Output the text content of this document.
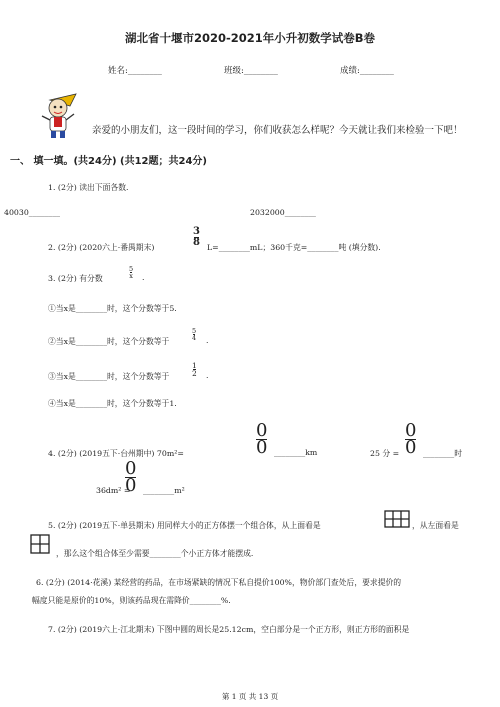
湖北省十堰市2020-2021年小升初数学试卷B卷
姓名:________	班级:________	成绩:________
亲爱的小朋友们，这一段时间的学习，你们收获怎么样呢？今天就让我们来检验一下吧！
一、 填一填。(共24分) (共12题；共24分)
1. (2分) 读出下面各数.
40030________	2032000________
2. (2分) (2020六上·番禺期末)
3
8 L=________mL；360千克=________吨 (填分数).
3. (2分) 有分数
5
x .
①当x是________时，这个分数等于5.
②当x是________时，这个分数等于
5
4 .
③当x是________时，这个分数等于
1
2 .
④当x是________时，这个分数等于1.
4. (2分) (2019五下·台州期中) 70m²=
0
0 ________km	25 分 =
0
0 ________时
36dm² =
0
0 ________m²
5. (2分) (2019五下·单县期末) 用同样大小的正方体摆一个组合体，从上面看是	，从左面看是
，那么这个组合体至少需要________个小正方体才能摆成.
6. (2分) (2014·花溪) 某经营的药品，在市场紧缺的情况下私自提价100%，物价部门查处后，要求提价的
幅度只能是原价的10%，则该药品现在需降价________%.
7. (2分) (2019六上·江北期末) 下图中圆的周长是25.12cm，空白部分是一个正方形，则正方形的面积是
第 1 页 共 13 页
